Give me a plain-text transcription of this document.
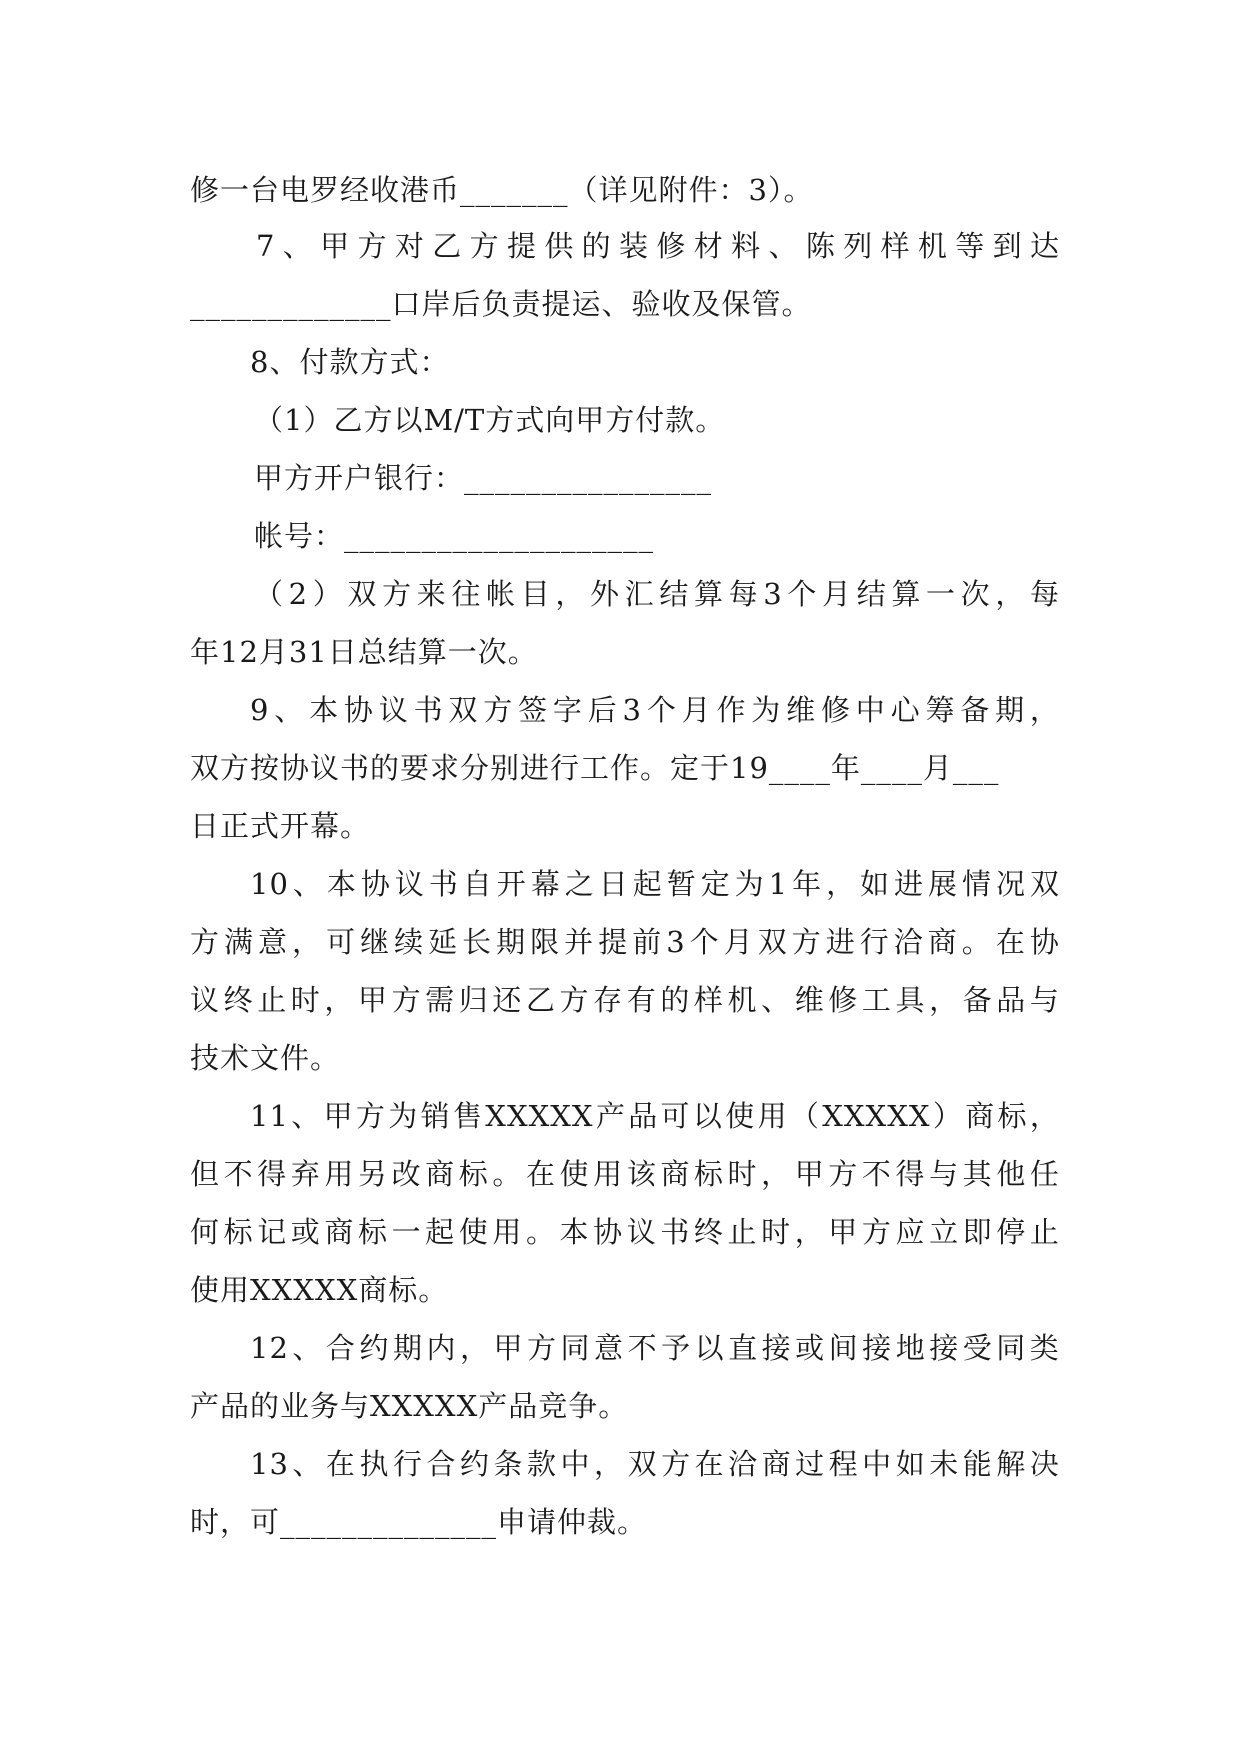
修一台电罗经收港币_______（详见附件：3）。
7 、 甲 方 对 乙 方 提 供 的 装 修 材 料 、 陈 列 样 机 等 到 达
_____________口岸后负责提运、验收及保管。
8、付款方式：
（1）乙方以M/T方式向甲方付款。
甲方开户银行：________________
帐号：____________________
（ 2 ） 双 方 来 往 帐 目 ， 外 汇 结 算 每 3 个 月 结 算 一 次 ， 每
年12月31日总结算一次。
9 、 本 协 议 书 双 方 签 字 后 3 个 月 作 为 维 修 中 心 筹 备 期 ，
双方按协议书的要求分别进行工作。定于19____年____月___
日正式开幕。
10 、 本 协 议 书 自 开 幕 之 日 起 暂 定 为 1 年 ， 如 进 展 情 况 双
方 满 意 ， 可 继 续 延 长 期 限 并 提 前 3 个 月 双 方 进 行 洽 商 。 在 协
议 终 止 时 ， 甲 方 需 归 还 乙 方 存 有 的 样 机 、 维 修 工 具 ， 备 品 与
技术文件。
11 、 甲 方 为 销 售 XXXXX 产 品 可 以 使 用 （ XXXXX ） 商 标 ，
但 不 得 弃 用 另 改 商 标 。 在 使 用 该 商 标 时 ， 甲 方 不 得 与 其 他 任
何 标 记 或 商 标 一 起 使 用 。 本 协 议 书 终 止 时 ， 甲 方 应 立 即 停 止
使用XXXXX商标。
12 、 合 约 期 内 ， 甲 方 同 意 不 予 以 直 接 或 间 接 地 接 受 同 类
产品的业务与XXXXX产品竞争。
13 、 在 执 行 合 约 条 款 中 ， 双 方 在 洽 商 过 程 中 如 未 能 解 决
时，可______________申请仲裁。
